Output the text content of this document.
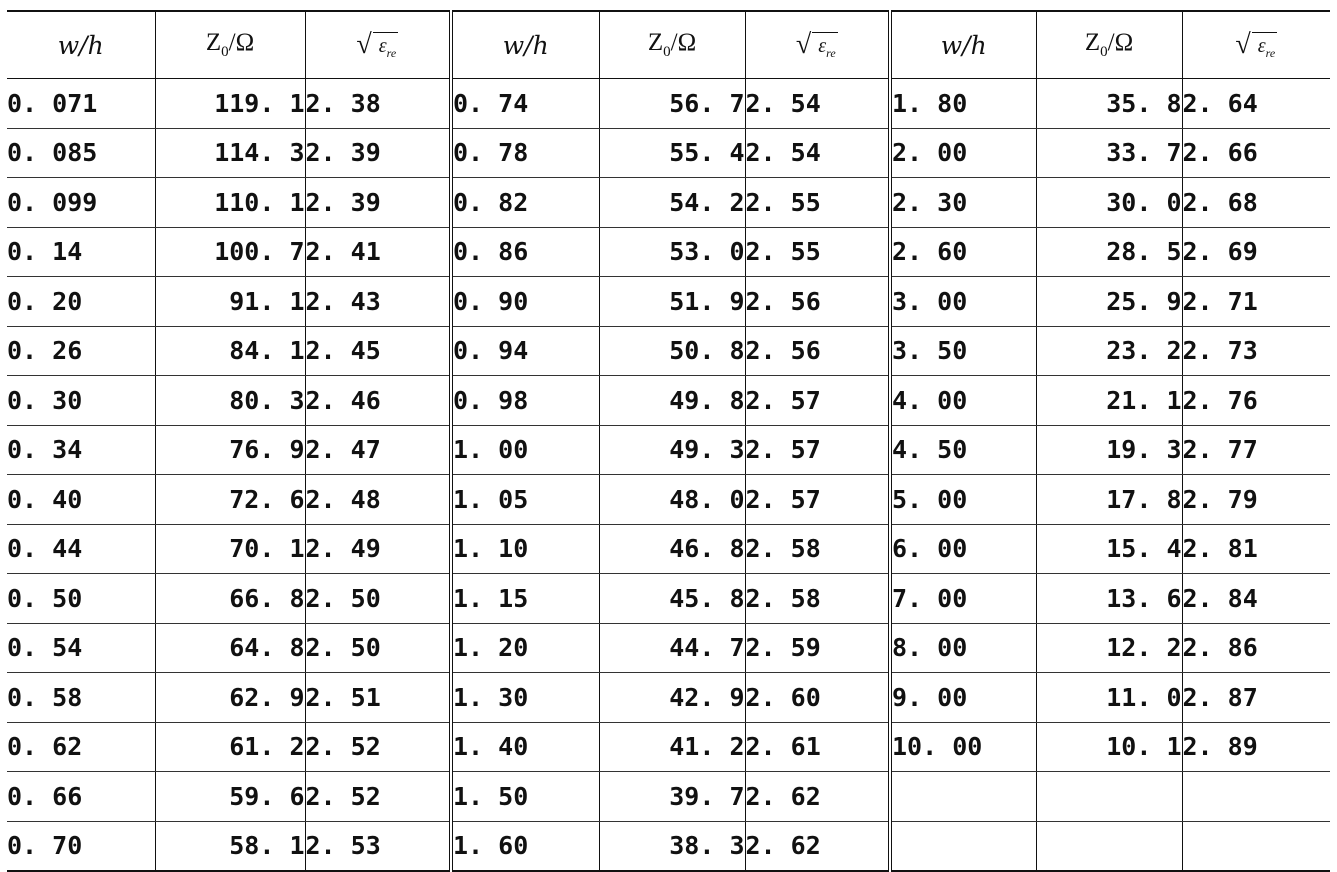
w/h	$Z_0/\Omega$	√ $\varepsilon_{re}$	w/h	$Z_0/\Omega$	√ $\varepsilon_{re}$	w/h	$Z_0/\Omega$	√ $\varepsilon_{re}$

0. 071	119. 1	2. 38	0. 74	56. 7	2. 54	1. 80	35. 8	2. 64
0. 085	114. 3	2. 39	0. 78	55. 4	2. 54	2. 00	33. 7	2. 66
0. 099	110. 1	2. 39	0. 82	54. 2	2. 55	2. 30	30. 0	2. 68
0. 14	100. 7	2. 41	0. 86	53. 0	2. 55	2. 60	28. 5	2. 69
0. 20	91. 1	2. 43	0. 90	51. 9	2. 56	3. 00	25. 9	2. 71
0. 26	84. 1	2. 45	0. 94	50. 8	2. 56	3. 50	23. 2	2. 73
0. 30	80. 3	2. 46	0. 98	49. 8	2. 57	4. 00	21. 1	2. 76
0. 34	76. 9	2. 47	1. 00	49. 3	2. 57	4. 50	19. 3	2. 77
0. 40	72. 6	2. 48	1. 05	48. 0	2. 57	5. 00	17. 8	2. 79
0. 44	70. 1	2. 49	1. 10	46. 8	2. 58	6. 00	15. 4	2. 81
0. 50	66. 8	2. 50	1. 15	45. 8	2. 58	7. 00	13. 6	2. 84
0. 54	64. 8	2. 50	1. 20	44. 7	2. 59	8. 00	12. 2	2. 86
0. 58	62. 9	2. 51	1. 30	42. 9	2. 60	9. 00	11. 0	2. 87
0. 62	61. 2	2. 52	1. 40	41. 2	2. 61	10. 00	10. 1	2. 89
0. 66	59. 6	2. 52	1. 50	39. 7	2. 62			
0. 70	58. 1	2. 53	1. 60	38. 3	2. 62			
